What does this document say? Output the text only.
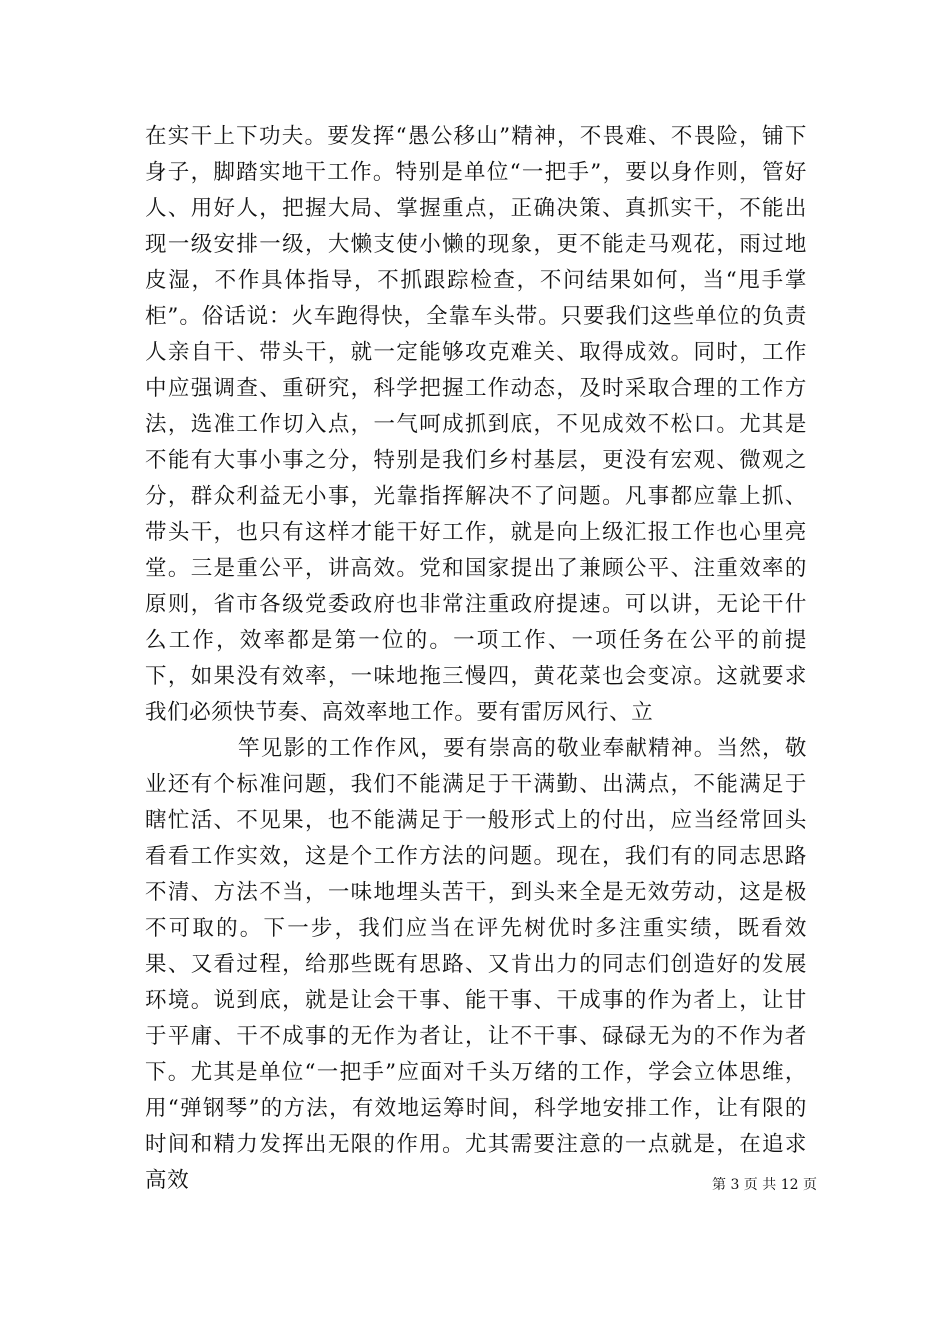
在实干上下功夫。要发挥“愚公移山”精神，不畏难、不畏险，铺下身子，脚踏实地干工作。特别是单位“一把手”，要以身作则，管好人、用好人，把握大局、掌握重点，正确决策、真抓实干，不能出现一级安排一级，大懒支使小懒的现象，更不能走马观花，雨过地皮湿，不作具体指导，不抓跟踪检查，不问结果如何，当“甩手掌柜”。俗话说：火车跑得快，全靠车头带。只要我们这些单位的负责人亲自干、带头干，就一定能够攻克难关、取得成效。同时，工作中应强调查、重研究，科学把握工作动态，及时采取合理的工作方法，选准工作切入点，一气呵成抓到底，不见成效不松口。尤其是不能有大事小事之分，特别是我们乡村基层，更没有宏观、微观之分，群众利益无小事，光靠指挥解决不了问题。凡事都应靠上抓、带头干，也只有这样才能干好工作，就是向上级汇报工作也心里亮堂。三是重公平，讲高效。党和国家提出了兼顾公平、注重效率的原则，省市各级党委政府也非常注重政府提速。可以讲，无论干什么工作，效率都是第一位的。一项工作、一项任务在公平的前提下，如果没有效率，一味地拖三慢四，黄花菜也会变凉。这就要求我们必须快节奏、高效率地工作。要有雷厉风行、立

竿见影的工作作风，要有崇高的敬业奉献精神。当然，敬业还有个标准问题，我们不能满足于干满勤、出满点，不能满足于瞎忙活、不见果，也不能满足于一般形式上的付出，应当经常回头看看工作实效，这是个工作方法的问题。现在，我们有的同志思路不清、方法不当，一味地埋头苦干，到头来全是无效劳动，这是极不可取的。下一步，我们应当在评先树优时多注重实绩，既看效果、又看过程，给那些既有思路、又肯出力的同志们创造好的发展环境。说到底，就是让会干事、能干事、干成事的作为者上，让甘于平庸、干不成事的无作为者让，让不干事、碌碌无为的不作为者下。尤其是单位“一把手”应面对千头万绪的工作，学会立体思维，用“弹钢琴”的方法，有效地运筹时间，科学地安排工作，让有限的时间和精力发挥出无限的作用。尤其需要注意的一点就是，在追求高效	第 3 页 共 12 页
